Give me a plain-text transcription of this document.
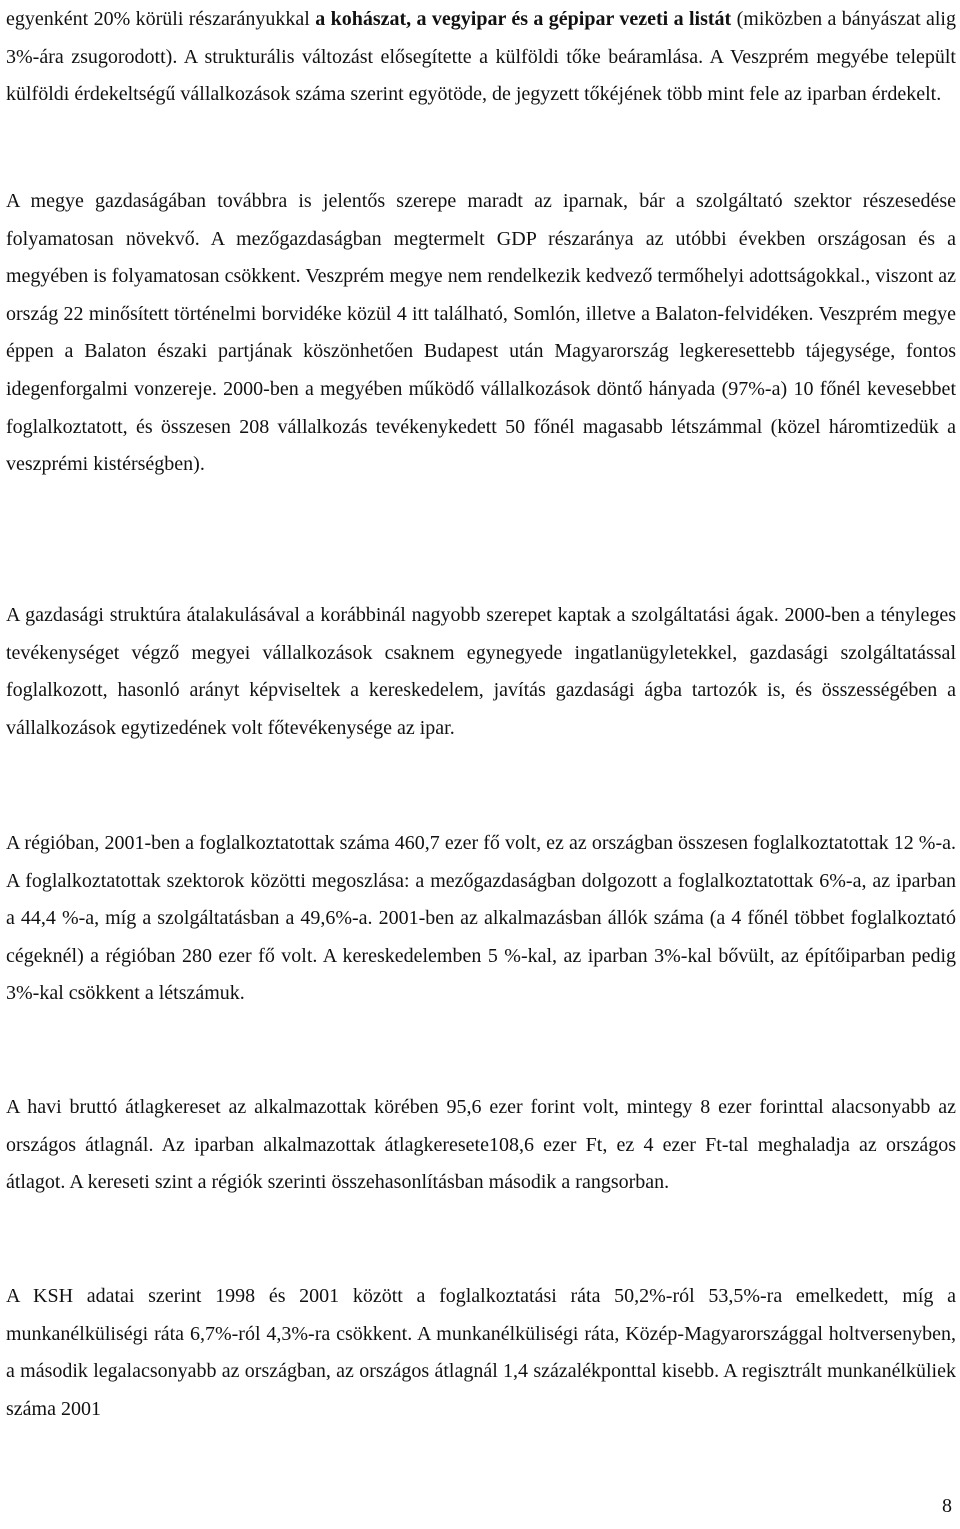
egyenként 20% körüli részarányukkal a kohászat, a vegyipar és a gépipar vezeti a listát (miközben a bányászat alig 3%-ára zsugorodott). A strukturális változást elősegítette a külföldi tőke beáramlása. A Veszprém megyébe települt külföldi érdekeltségű vállalkozások száma szerint egyötöde, de jegyzett tőkéjének több mint fele az iparban érdekelt.

A megye gazdaságában továbbra is jelentős szerepe maradt az iparnak, bár a szolgáltató szektor részesedése folyamatosan növekvő. A mezőgazdaságban megtermelt GDP részaránya az utóbbi években országosan és a megyében is folyamatosan csökkent. Veszprém megye nem rendelkezik kedvező termőhelyi adottságokkal., viszont az ország 22 minősített történelmi borvidéke közül 4 itt található, Somlón, illetve a Balaton-felvidéken. Veszprém megye éppen a Balaton északi partjának köszönhetően Budapest után Magyarország legkeresettebb tájegysége, fontos idegenforgalmi vonzereje. 2000-ben a megyében működő vállalkozások döntő hányada (97%-a) 10 főnél kevesebbet foglalkoztatott, és összesen 208 vállalkozás tevékenykedett 50 főnél magasabb létszámmal (közel háromtizedük a veszprémi kistérségben).

A gazdasági struktúra átalakulásával a korábbinál nagyobb szerepet kaptak a szolgáltatási ágak. 2000-ben a tényleges tevékenységet végző megyei vállalkozások csaknem egynegyede ingatlanügyletekkel, gazdasági szolgáltatással foglalkozott, hasonló arányt képviseltek a kereskedelem, javítás gazdasági ágba tartozók is, és összességében a vállalkozások egytizedének volt főtevékenysége az ipar.

A régióban, 2001-ben a foglalkoztatottak száma 460,7 ezer fő volt, ez az országban összesen foglalkoztatottak 12 %-a. A foglalkoztatottak szektorok közötti megoszlása: a mezőgazdaságban dolgozott a foglalkoztatottak 6%-a, az iparban a 44,4 %-a, míg a szolgáltatásban a 49,6%-a. 2001-ben az alkalmazásban állók száma (a 4 főnél többet foglalkoztató cégeknél) a régióban 280 ezer fő volt. A kereskedelemben 5 %-kal, az iparban 3%-kal bővült, az építőiparban pedig 3%-kal csökkent a létszámuk.

A havi bruttó átlagkereset az alkalmazottak körében 95,6 ezer forint volt, mintegy 8 ezer forinttal alacsonyabb az országos átlagnál. Az iparban alkalmazottak átlagkeresete108,6 ezer Ft, ez 4 ezer Ft-tal meghaladja az országos átlagot. A kereseti szint a régiók szerinti összehasonlításban második a rangsorban.

A KSH adatai szerint 1998 és 2001 között a foglalkoztatási ráta 50,2%-ról 53,5%-ra emelkedett, míg a munkanélküliségi ráta 6,7%-ról 4,3%-ra csökkent. A munkanélküliségi ráta, Közép-Magyarországgal holtversenyben, a második legalacsonyabb az országban, az országos átlagnál 1,4 százalékponttal kisebb. A regisztrált munkanélküliek száma 2001

8
